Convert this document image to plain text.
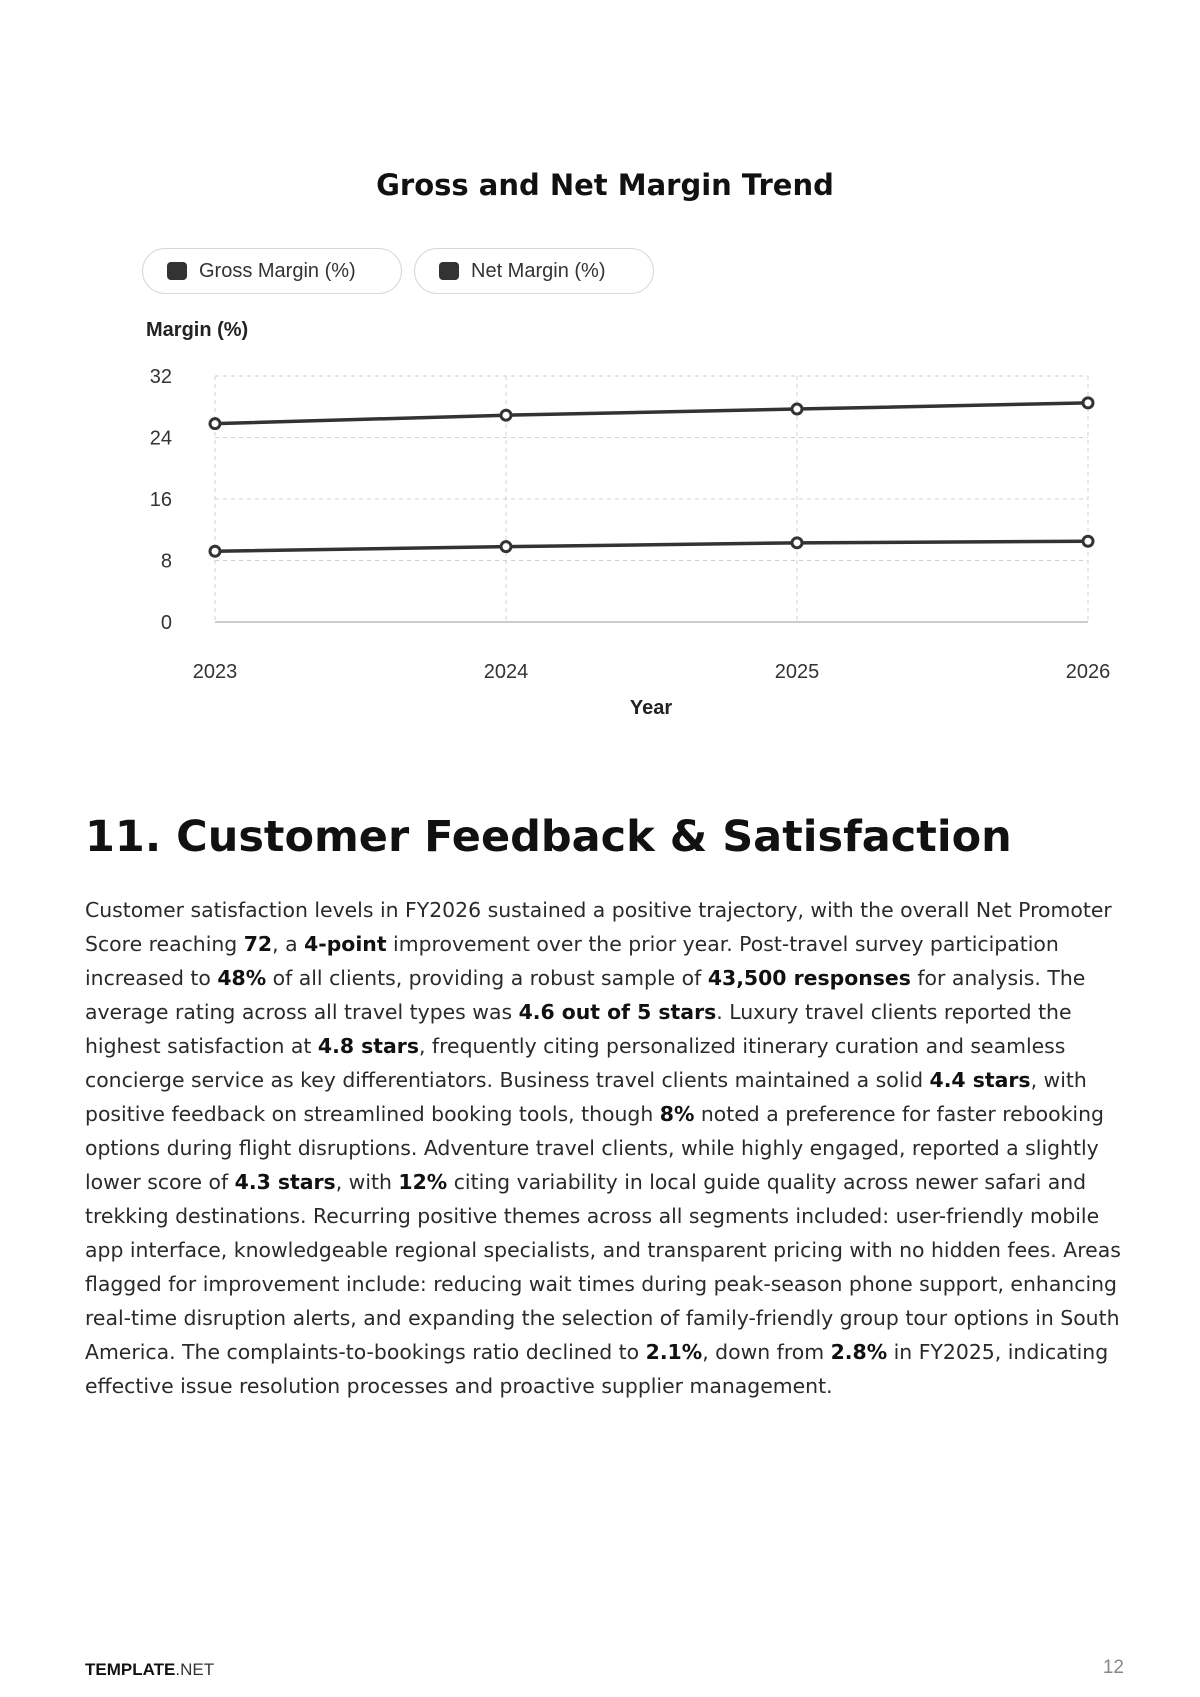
Gross and Net Margin Trend
Gross Margin (%)	Net Margin (%)
Margin (%)
Year
0
8
16
24
32
2023	2024	2025	2026
11. Customer Feedback & Satisfaction

Customer satisfaction levels in FY2026 sustained a positive trajectory, with the overall Net Promoter Score reaching 72, a 4-point improvement over the prior year. Post-travel survey participation increased to 48% of all clients, providing a robust sample of 43,500 responses for analysis. The average rating across all travel types was 4.6 out of 5 stars. Luxury travel clients reported the highest satisfaction at 4.8 stars, frequently citing personalized itinerary curation and seamless concierge service as key differentiators. Business travel clients maintained a solid 4.4 stars, with positive feedback on streamlined booking tools, though 8% noted a preference for faster rebooking options during flight disruptions. Adventure travel clients, while highly engaged, reported a slightly lower score of 4.3 stars, with 12% citing variability in local guide quality across newer safari and trekking destinations. Recurring positive themes across all segments included: user-friendly mobile app interface, knowledgeable regional specialists, and transparent pricing with no hidden fees. Areas flagged for improvement include: reducing wait times during peak-season phone support, enhancing real-time disruption alerts, and expanding the selection of family-friendly group tour options in South America. The complaints-to-bookings ratio declined to 2.1%, down from 2.8% in FY2025, indicating effective issue resolution processes and proactive supplier management.

TEMPLATE.NET	12
